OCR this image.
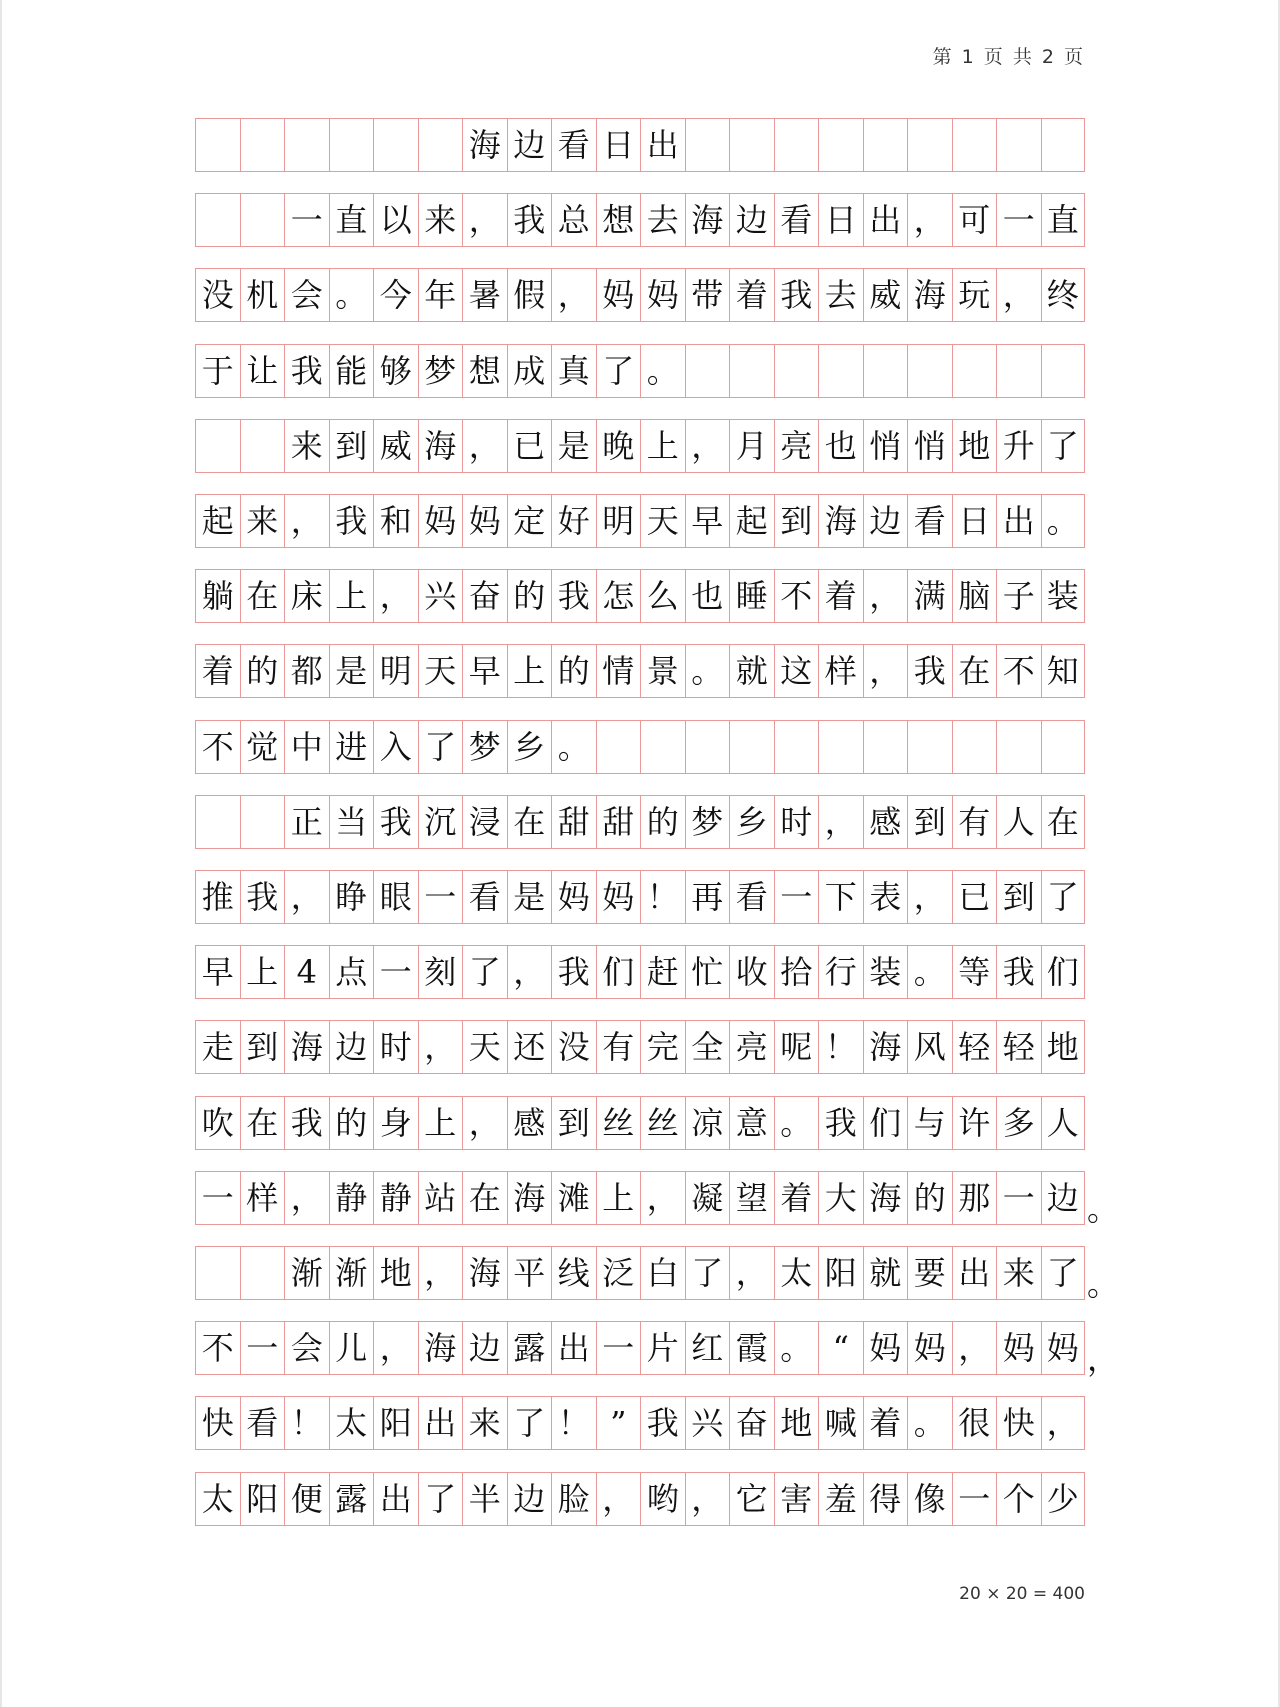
第 1 页 共 2 页
海 边 看 日 出
一 直 以 来 ， 我 总 想 去 海 边 看 日 出 ， 可 一 直
没 机 会 。 今 年 暑 假 ， 妈 妈 带 着 我 去 威 海 玩 ， 终
于 让 我 能 够 梦 想 成 真 了 。
来 到 威 海 ， 已 是 晚 上 ， 月 亮 也 悄 悄 地 升 了
起 来 ， 我 和 妈 妈 定 好 明 天 早 起 到 海 边 看 日 出 。
躺 在 床 上 ， 兴 奋 的 我 怎 么 也 睡 不 着 ， 满 脑 子 装
着 的 都 是 明 天 早 上 的 情 景 。 就 这 样 ， 我 在 不 知
不 觉 中 进 入 了 梦 乡 。
正 当 我 沉 浸 在 甜 甜 的 梦 乡 时 ， 感 到 有 人 在
推 我 ， 睁 眼 一 看 是 妈 妈 ！ 再 看 一 下 表 ， 已 到 了
早 上 4 点 一 刻 了 ， 我 们 赶 忙 收 拾 行 装 。 等 我 们
走 到 海 边 时 ， 天 还 没 有 完 全 亮 呢 ！ 海 风 轻 轻 地
吹 在 我 的 身 上 ， 感 到 丝 丝 凉 意 。 我 们 与 许 多 人
一 样 ， 静 静 站 在 海 滩 上 ， 凝 望 着 大 海 的 那 一 边 。
渐 渐 地 ， 海 平 线 泛 白 了 ， 太 阳 就 要 出 来 了 。
不 一 会 儿 ， 海 边 露 出 一 片 红 霞 。 “ 妈 妈 ， 妈 妈 ，
快 看 ！ 太 阳 出 来 了 ！ ” 我 兴 奋 地 喊 着 。 很 快 ，
太 阳 便 露 出 了 半 边 脸 ， 哟 ， 它 害 羞 得 像 一 个 少
20 × 20 = 400
